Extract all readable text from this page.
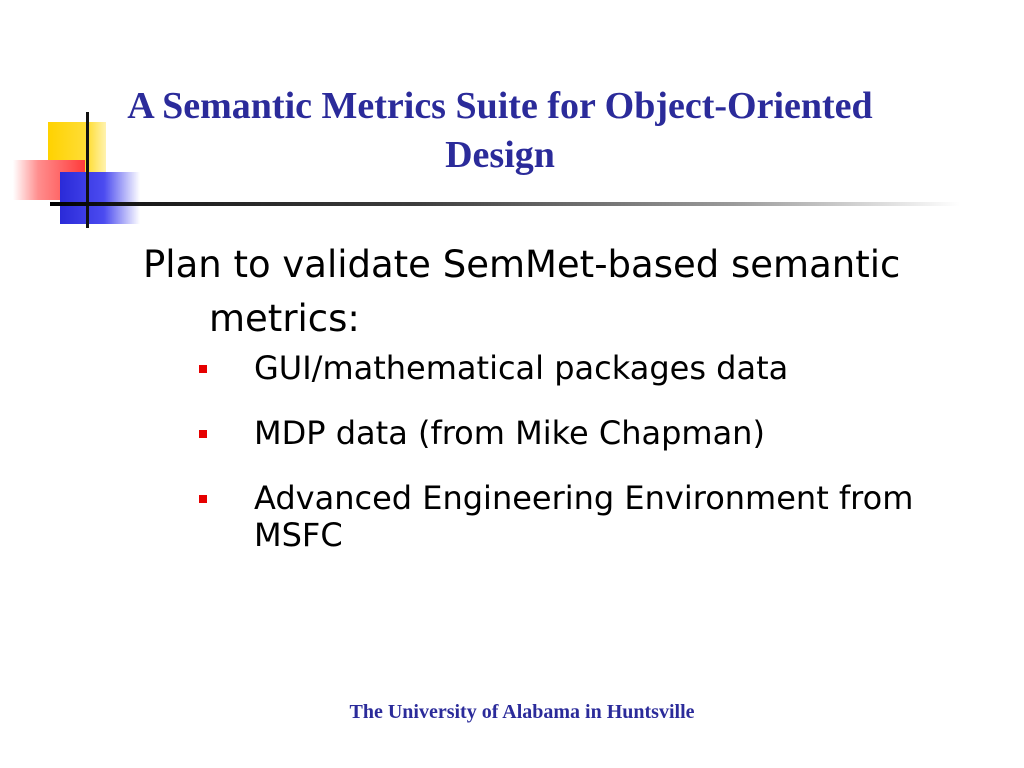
A Semantic Metrics Suite for Object-Oriented Design

Plan to validate SemMet-based semantic metrics:

GUI/mathematical packages data
MDP data (from Mike Chapman)
Advanced Engineering Environment from MSFC
The University of Alabama in Huntsville
